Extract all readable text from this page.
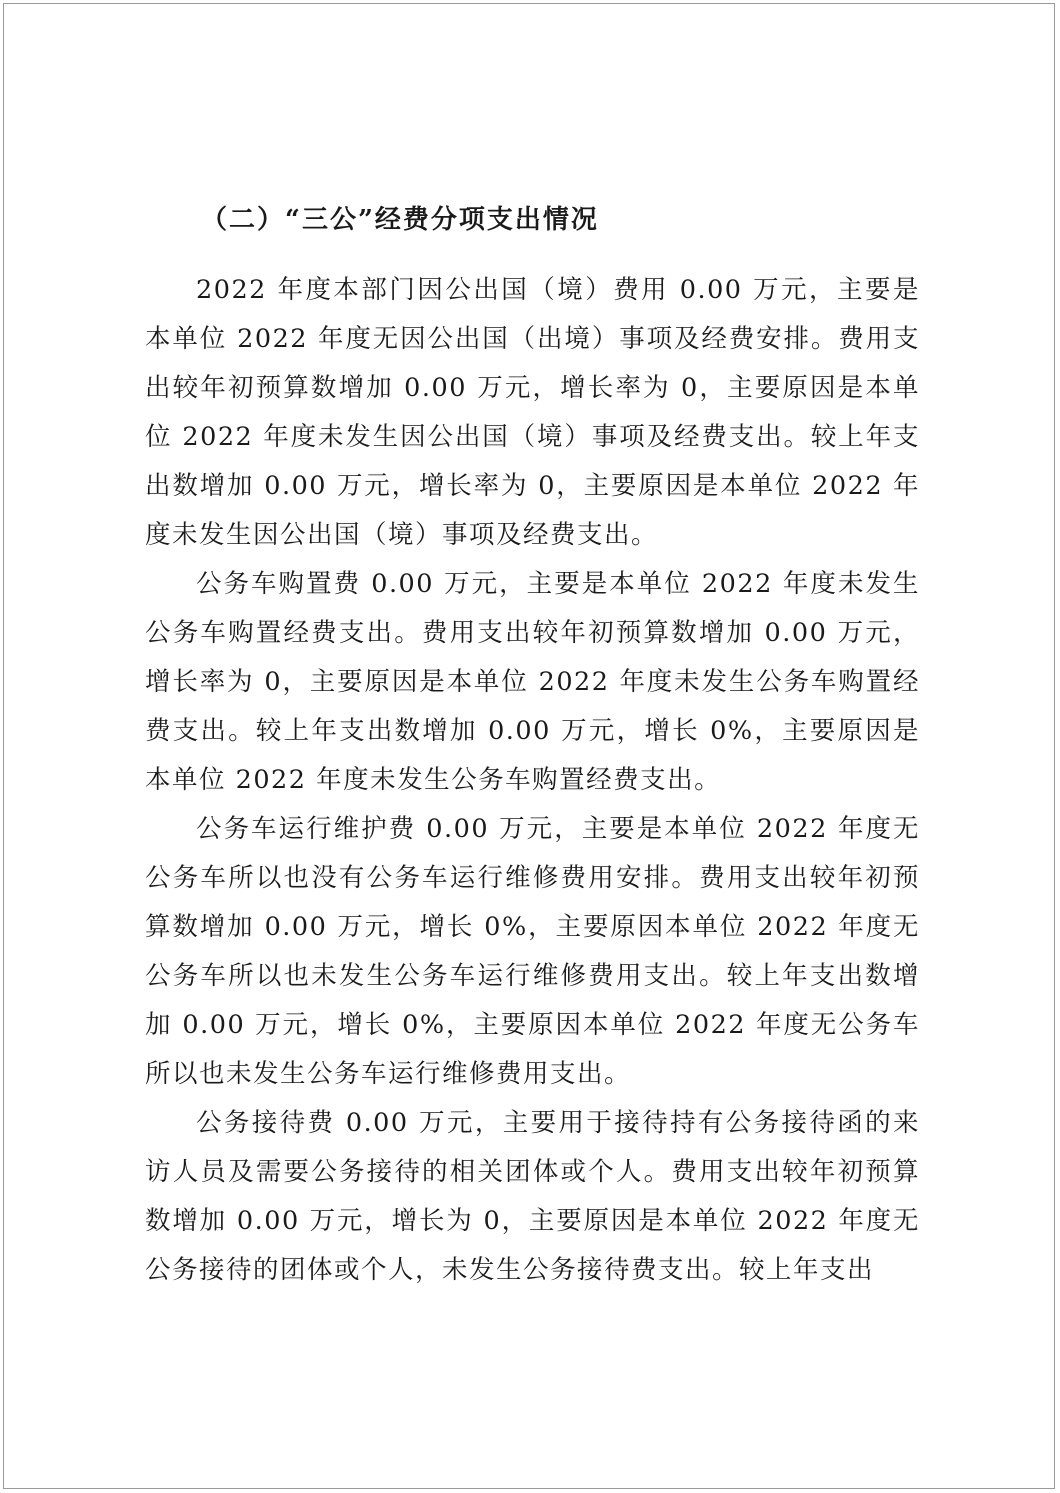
（二）“三公”经费分项支出情况

2022 年度本部门因公出国（境）费用 0.00 万元，主要是本单位 2022 年度无因公出国（出境）事项及经费安排。费用支出较年初预算数增加 0.00 万元，增长率为 0，主要原因是本单位 2022 年度未发生因公出国（境）事项及经费支出。较上年支出数增加 0.00 万元，增长率为 0，主要原因是本单位 2022 年度未发生因公出国（境）事项及经费支出。

公务车购置费 0.00 万元，主要是本单位 2022 年度未发生公务车购置经费支出。费用支出较年初预算数增加 0.00 万元，增长率为 0，主要原因是本单位 2022 年度未发生公务车购置经费支出。较上年支出数增加 0.00 万元，增长 0%，主要原因是本单位 2022 年度未发生公务车购置经费支出。

公务车运行维护费 0.00 万元，主要是本单位 2022 年度无公务车所以也没有公务车运行维修费用安排。费用支出较年初预算数增加 0.00 万元，增长 0%，主要原因本单位 2022 年度无公务车所以也未发生公务车运行维修费用支出。较上年支出数增加 0.00 万元，增长 0%，主要原因本单位 2022 年度无公务车所以也未发生公务车运行维修费用支出。

公务接待费 0.00 万元，主要用于接待持有公务接待函的来访人员及需要公务接待的相关团体或个人。费用支出较年初预算数增加 0.00 万元，增长为 0，主要原因是本单位 2022 年度无公务接待的团体或个人，未发生公务接待费支出。较上年支出
